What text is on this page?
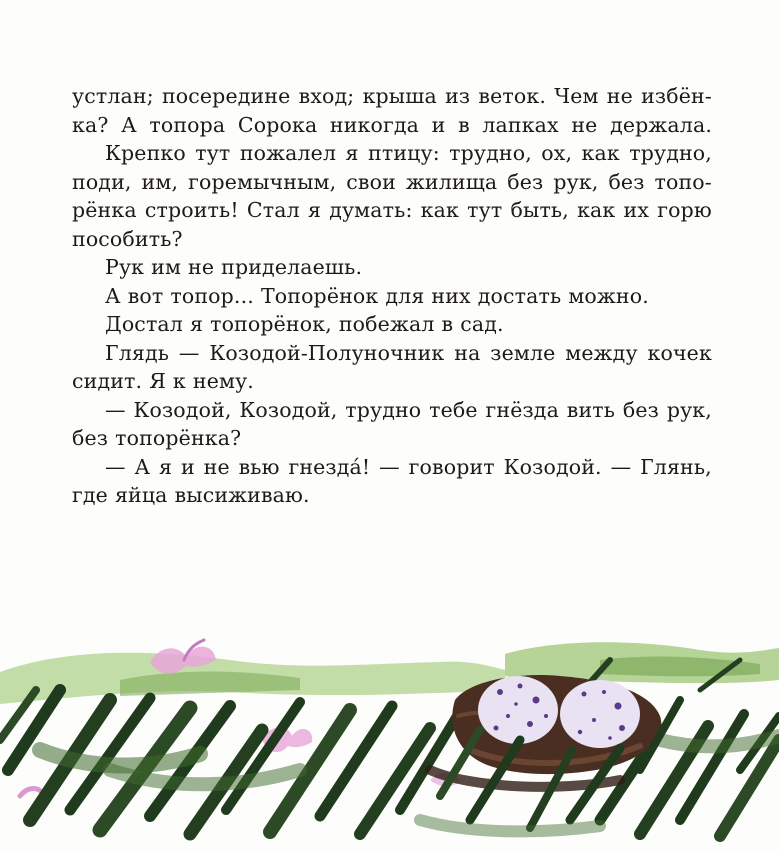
устлан; посередине вход; крыша из веток. Чем не избён-
ка? А топора Сорока никогда и в лапках не держала.
Крепко тут пожалел я птицу: трудно, ох, как трудно,
поди, им, горемычным, свои жилища без рук, без топо-
рёнка строить! Стал я думать: как тут быть, как их горю
пособить?
Рук им не приделаешь.
А вот топор... Топорёнок для них достать можно.
Достал я топорёнок, побежал в сад.
Глядь — Козодой-Полуночник на земле между кочек
сидит. Я к нему.
— Козодой, Козодой, трудно тебе гнёзда вить без рук,
без топорёнка?
— А я и не вью гнезда́! — говорит Козодой. — Глянь,
где яйца высиживаю.
